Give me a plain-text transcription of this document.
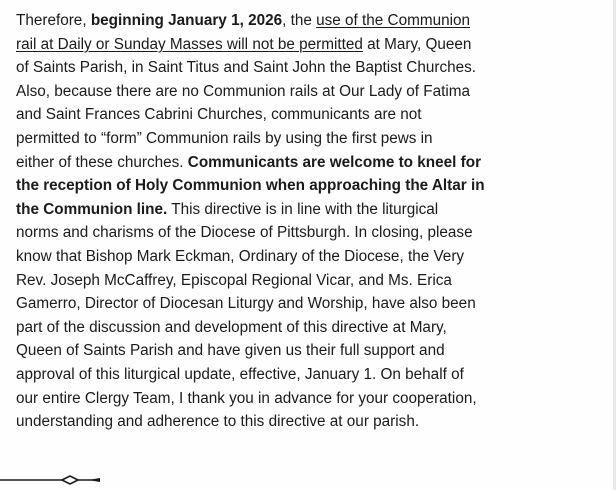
Therefore, beginning January 1, 2026, the use of the Communion
rail at Daily or Sunday Masses will not be permitted at Mary, Queen
of Saints Parish, in Saint Titus and Saint John the Baptist Churches.
Also, because there are no Communion rails at Our Lady of Fatima
and Saint Frances Cabrini Churches, communicants are not
permitted to “form” Communion rails by using the first pews in
either of these churches. Communicants are welcome to kneel for
the reception of Holy Communion when approaching the Altar in
the Communion line. This directive is in line with the liturgical
norms and charisms of the Diocese of Pittsburgh. In closing, please
know that Bishop Mark Eckman, Ordinary of the Diocese, the Very
Rev. Joseph McCaffrey, Episcopal Regional Vicar, and Ms. Erica
Gamerro, Director of Diocesan Liturgy and Worship, have also been
part of the discussion and development of this directive at Mary,
Queen of Saints Parish and have given us their full support and
approval of this liturgical update, effective, January 1. On behalf of
our entire Clergy Team, I thank you in advance for your cooperation,
understanding and adherence to this directive at our parish.
